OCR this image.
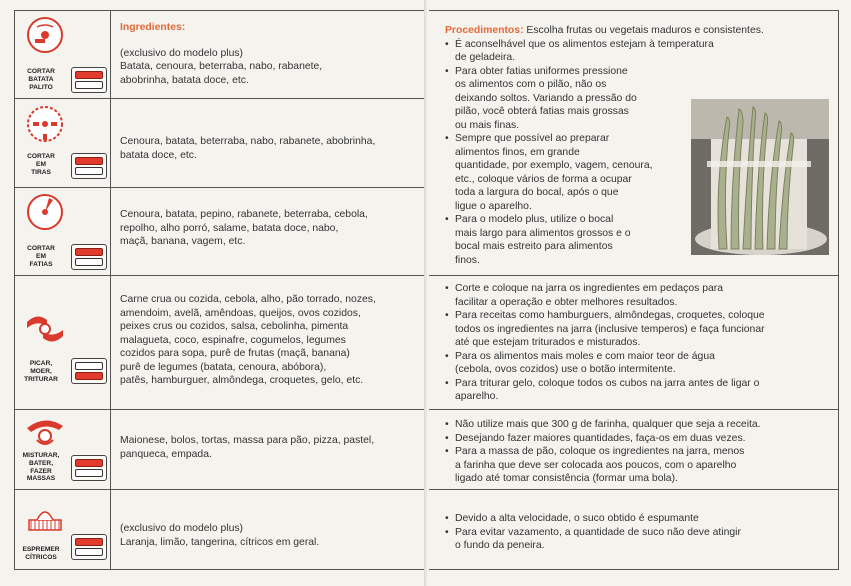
CORTAR
BATATA
PALITO
Ingredientes:
(exclusivo do modelo plus)
Batata, cenoura, beterraba, nabo, rabanete,
abobrinha, batata doce, etc.
CORTAR
EM
TIRAS
Cenoura, batata, beterraba, nabo, rabanete, abobrinha,
batata doce, etc.
CORTAR
EM
FATIAS
Cenoura, batata, pepino, rabanete, beterraba, cebola,
repolho, alho porró, salame, batata doce, nabo,
maçã, banana, vagem, etc.
PICAR,
MOER,
TRITURAR
Carne crua ou cozida, cebola, alho, pão torrado, nozes,
amendoim, avelã, amêndoas, queijos, ovos cozidos,
peixes crus ou cozidos, salsa, cebolinha, pimenta
malagueta, coco, espinafre, cogumelos, legumes
cozidos para sopa, purê de frutas (maçã, banana)
purê de legumes (batata, cenoura, abóbora),
patês, hamburguer, almôndega, croquetes, gelo, etc.
MISTURAR,
BATER,
FAZER
MASSAS
Maionese, bolos, tortas, massa para pão, pizza, pastel,
panqueca, empada.
ESPREMER
CÍTRICOS
(exclusivo do modelo plus)
Laranja, limão, tangerina, cítricos em geral.
Procedimentos: Escolha frutas ou vegetais maduros e consistentes.
• É aconselhável que os alimentos estejam à temperatura
de geladeira.
• Para obter fatias uniformes pressione
os alimentos com o pilão, não os
deixando soltos. Variando a pressão do
pilão, você obterá fatias mais grossas
ou mais finas.
• Sempre que possível ao preparar
alimentos finos, em grande
quantidade, por exemplo, vagem, cenoura,
etc., coloque vários de forma a ocupar
toda a largura do bocal, após o que
ligue o aparelho.
• Para o modelo plus, utilize o bocal
mais largo para alimentos grossos e o
bocal mais estreito para alimentos
finos.
• Corte e coloque na jarra os ingredientes em pedaços para
facilitar a operação e obter melhores resultados.
• Para receitas como hamburguers, almôndegas, croquetes, coloque
todos os ingredientes na jarra (inclusive temperos) e faça funcionar
até que estejam triturados e misturados.
• Para os alimentos mais moles e com maior teor de água
(cebola, ovos cozidos) use o botão intermitente.
• Para triturar gelo, coloque todos os cubos na jarra antes de ligar o
aparelho.
• Não utilize mais que 300 g de farinha, qualquer que seja a receita.
• Desejando fazer maiores quantidades, faça-os em duas vezes.
• Para a massa de pão, coloque os ingredientes na jarra, menos
a farinha que deve ser colocada aos poucos, com o aparelho
ligado até tomar consistência (formar uma bola).
• Devido a alta velocidade, o suco obtido é espumante
• Para evitar vazamento, a quantidade de suco não deve atingir
o fundo da peneira.
